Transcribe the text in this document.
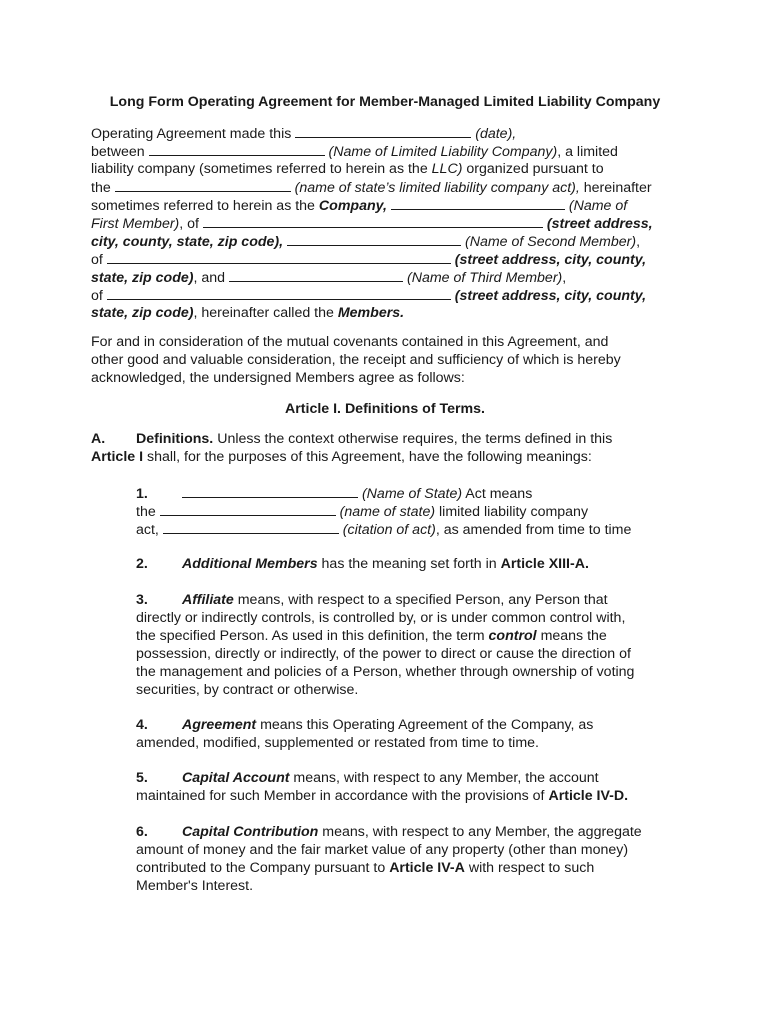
Long Form Operating Agreement for Member-Managed Limited Liability Company
Operating Agreement made this	(date),
between	(Name of Limited Liability Company), a limited
liability company (sometimes referred to herein as the LLC) organized pursuant to
the	(name of state’s limited liability company act), hereinafter
sometimes referred to herein as the Company,	(Name of
First Member), of	(street address,
city, county, state, zip code),	(Name of Second Member),
of	(street address, city, county,
state, zip code), and	(Name of Third Member),
of	(street address, city, county,
state, zip code), hereinafter called the Members.
For and in consideration of the mutual covenants contained in this Agreement, and
other good and valuable consideration, the receipt and sufficiency of which is hereby
acknowledged, the undersigned Members agree as follows:
Article I. Definitions of Terms.
A. Definitions. Unless the context otherwise requires, the terms defined in this
Article I shall, for the purposes of this Agreement, have the following meanings:
1.	(Name of State) Act means
the	(name of state) limited liability company
act,	(citation of act), as amended from time to time
2. Additional Members has the meaning set forth in Article XIII-A.
3. Affiliate means, with respect to a specified Person, any Person that
directly or indirectly controls, is controlled by, or is under common control with,
the specified Person. As used in this definition, the term control means the
possession, directly or indirectly, of the power to direct or cause the direction of
the management and policies of a Person, whether through ownership of voting
securities, by contract or otherwise.
4. Agreement means this Operating Agreement of the Company, as
amended, modified, supplemented or restated from time to time.
5. Capital Account means, with respect to any Member, the account
maintained for such Member in accordance with the provisions of Article IV-D.
6. Capital Contribution means, with respect to any Member, the aggregate
amount of money and the fair market value of any property (other than money)
contributed to the Company pursuant to Article IV-A with respect to such
Member's Interest.
